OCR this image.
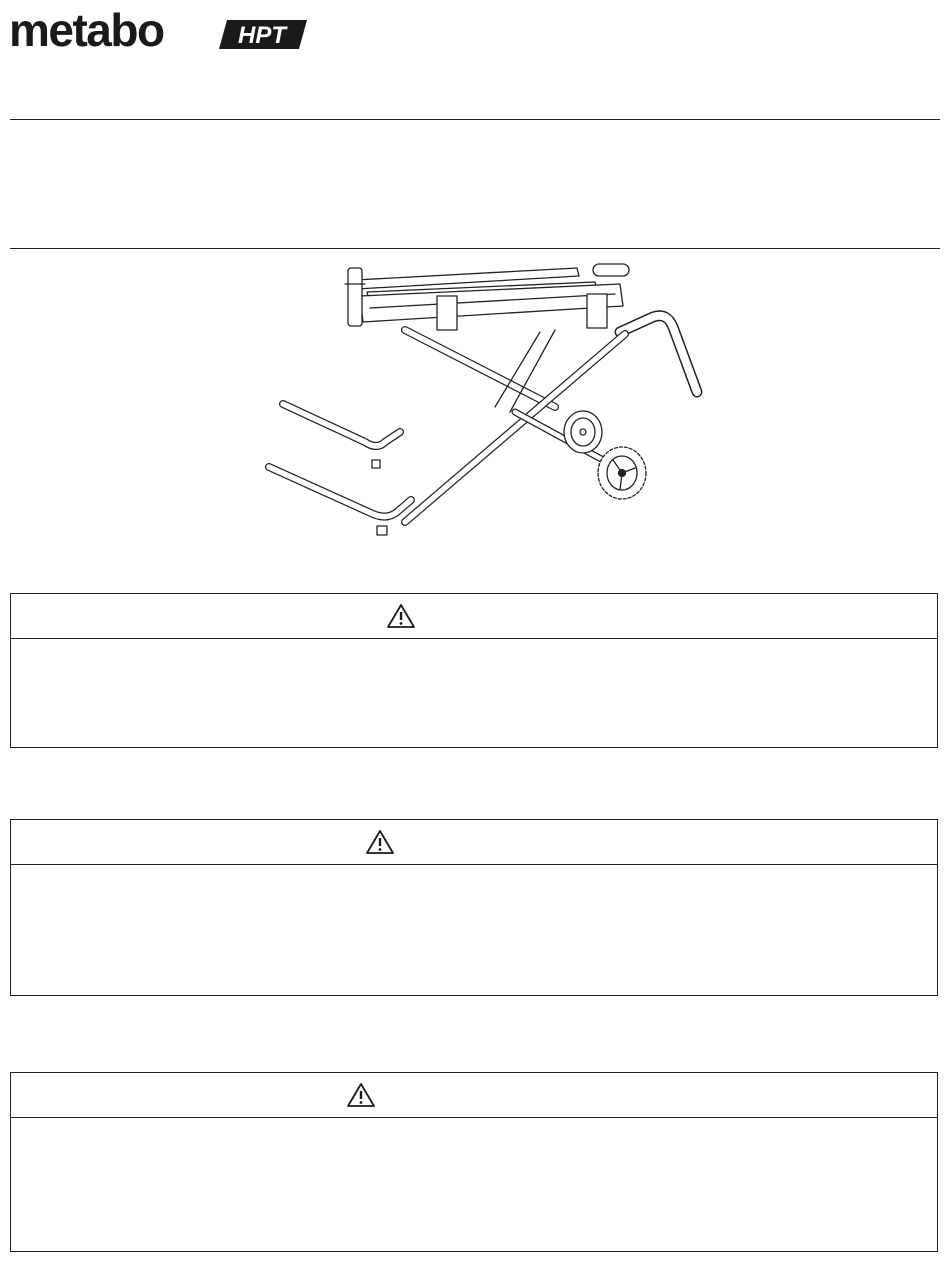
metabo	HPT
